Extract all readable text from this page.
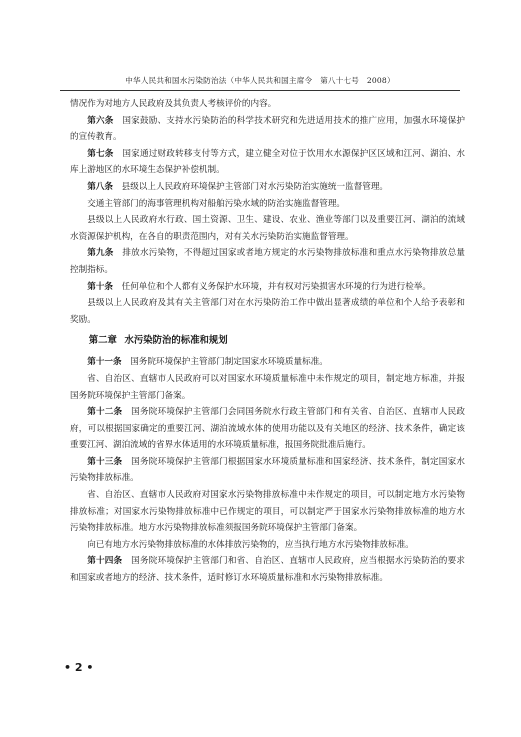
中华人民共和国水污染防治法（中华人民共和国主席令　第八十七号　2008）

情况作为对地方人民政府及其负责人考核评价的内容。

第六条　 国家鼓励、支持水污染防治的科学技术研究和先进适用技术的推广应用，加强水环境保护的宣传教育。

第七条　 国家通过财政转移支付等方式，建立健全对位于饮用水水源保护区区域和江河、湖泊、水库上游地区的水环境生态保护补偿机制。

第八条　 县级以上人民政府环境保护主管部门对水污染防治实施统一监督管理。

交通主管部门的海事管理机构对船舶污染水域的防治实施监督管理。

县级以上人民政府水行政、国土资源、卫生、建设、农业、渔业等部门以及重要江河、湖泊的流域水资源保护机构，在各自的职责范围内，对有关水污染防治实施监督管理。

第九条　 排放水污染物，不得超过国家或者地方规定的水污染物排放标准和重点水污染物排放总量控制指标。

第十条　 任何单位和个人都有义务保护水环境，并有权对污染损害水环境的行为进行检举。

县级以上人民政府及其有关主管部门对在水污染防治工作中做出显著成绩的单位和个人给予表彰和奖励。

第二章 水污染防治的标准和规划

第十一条　 国务院环境保护主管部门制定国家水环境质量标准。

省、自治区、直辖市人民政府可以对国家水环境质量标准中未作规定的项目，制定地方标准，并报国务院环境保护主管部门备案。

第十二条　 国务院环境保护主管部门会同国务院水行政主管部门和有关省、自治区、直辖市人民政府，可以根据国家确定的重要江河、湖泊流域水体的使用功能以及有关地区的经济、技术条件，确定该重要江河、湖泊流域的省界水体适用的水环境质量标准，报国务院批准后施行。

第十三条　 国务院环境保护主管部门根据国家水环境质量标准和国家经济、技术条件，制定国家水污染物排放标准。

省、自治区、直辖市人民政府对国家水污染物排放标准中未作规定的项目，可以制定地方水污染物排放标准；对国家水污染物排放标准中已作规定的项目，可以制定严于国家水污染物排放标准的地方水污染物排放标准。地方水污染物排放标准须报国务院环境保护主管部门备案。

向已有地方水污染物排放标准的水体排放污染物的，应当执行地方水污染物排放标准。

第十四条　 国务院环境保护主管部门和省、自治区、直辖市人民政府，应当根据水污染防治的要求和国家或者地方的经济、技术条件，适时修订水环境质量标准和水污染物排放标准。

• 2 •
